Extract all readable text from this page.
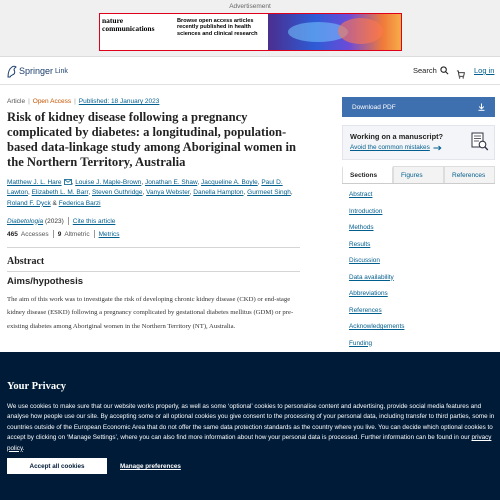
Advertisement
nature
communications
Browse open access articles recently published in health sciences and clinical research
Springer Link	Search	Log in
Article | Open Access | Published: 18 January 2023
Risk of kidney disease following a pregnancy complicated by diabetes: a longitudinal, population-based data-linkage study among Aboriginal women in the Northern Territory, Australia
Matthew J. L. Hare , Louise J. Maple-Brown, Jonathan E. Shaw, Jacqueline A. Boyle, Paul D. Lawton, Elizabeth L. M. Barr, Steven Guthridge, Vanya Webster, Danella Hampton, Gurmeet Singh, Roland F. Dyck & Federica Barzi
Diabetologia
(2023) Cite this article
465 Accesses 9 Altmetric Metrics
Abstract
Aims/hypothesis

The aim of this work was to investigate the risk of developing chronic kidney disease (CKD) or end-stage kidney disease (ESKD) following a pregnancy complicated by gestational diabetes mellitus (GDM) or pre-existing diabetes among Aboriginal women in the Northern Territory (NT), Australia.

Download PDF
Working on a manuscript?
Avoid the common mistakes
Sections	Figures	References
Abstract
Introduction
Methods
Results
Discussion
Data availability
Abbreviations
References
Acknowledgements
Funding
Your Privacy

We use cookies to make sure that our website works properly, as well as some ‘optional’ cookies to personalise content and advertising, provide social media features and analyse how people use our site. By accepting some or all optional cookies you give consent to the processing of your personal data, including transfer to third parties, some in countries outside of the European Economic Area that do not offer the same data protection standards as the country where you live. You can decide which optional cookies to accept by clicking on ‘Manage Settings’, where you can also find more information about how your personal data is processed. Further information can be found in our privacy policy.

Accept all cookies	Manage preferences
